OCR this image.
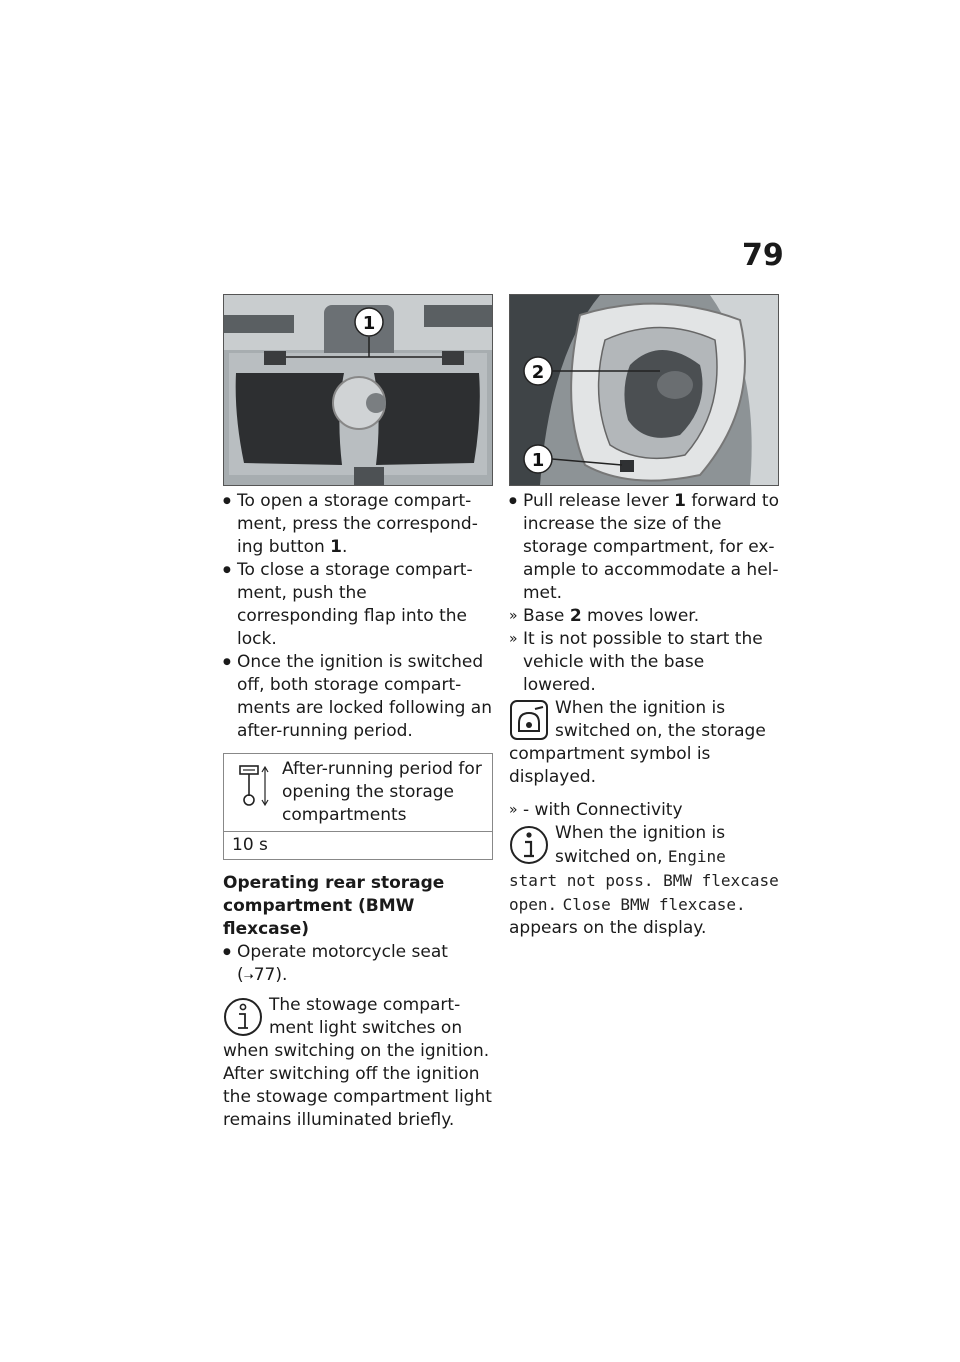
79
1
● To open a storage compartment, press the corresponding button 1.
● To close a storage compartment, push the corresponding flap into the lock.
● Once the ignition is switched off, both storage compartments are locked following an after-running period.
After-running period for opening the storage compartments
10 s
Operating rear storage compartment (BMW flexcase)
● Operate motorcycle seat (➝77).
The stowage compartment light switches on when switching on the ignition. After switching off the ignition the stowage compartment light remains illuminated briefly.
2
1
● Pull release lever 1 forward to increase the size of the storage compartment, for example to accommodate a helmet.
» Base 2 moves lower.
» It is not possible to start the vehicle with the base lowered.
When the ignition is switched on, the storage compartment symbol is displayed.
» - with Connectivity
When the ignition is switched on, Engine start not poss. BMW flexcase open. Close BMW flexcase. appears on the display.
